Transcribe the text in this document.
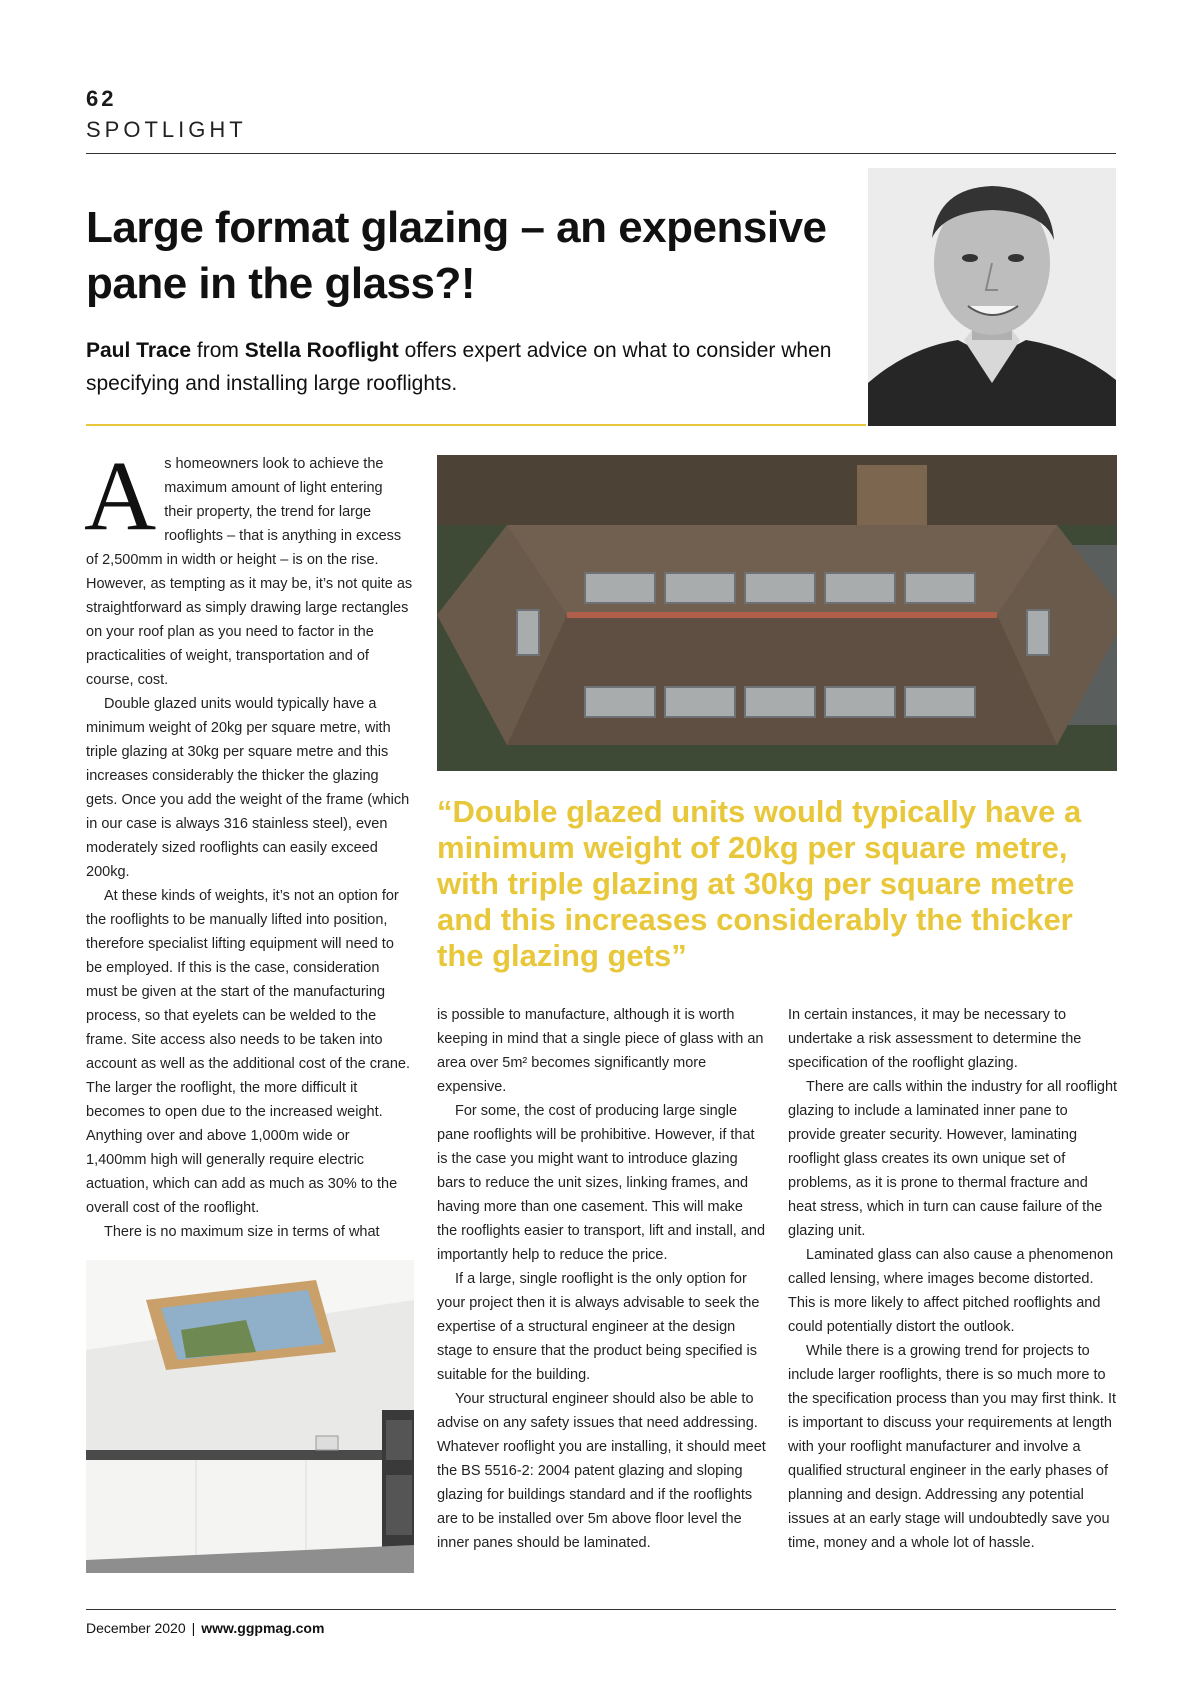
62
SPOTLIGHT
Large format glazing – an expensive pane in the glass?!

Paul Trace from Stella Rooflight offers expert advice on what to consider when specifying and installing large rooflights.

“Double glazed units would typically have a minimum weight of 20kg per square metre, with triple glazing at 30kg per square metre and this increases considerably the thicker the glazing gets”

As homeowners look to achieve the maximum amount of light entering their property, the trend for large rooflights – that is anything in excess of 2,500mm in width or height – is on the rise. However, as tempting as it may be, it’s not quite as straightforward as simply drawing large rectangles on your roof plan as you need to factor in the practicalities of weight, transportation and of course, cost.

Double glazed units would typically have a minimum weight of 20kg per square metre, with triple glazing at 30kg per square metre and this increases considerably the thicker the glazing gets. Once you add the weight of the frame (which in our case is always 316 stainless steel), even moderately sized rooflights can easily exceed 200kg.

At these kinds of weights, it’s not an option for the rooflights to be manually lifted into position, therefore specialist lifting equipment will need to be employed. If this is the case, consideration must be given at the start of the manufacturing process, so that eyelets can be welded to the frame. Site access also needs to be taken into account as well as the additional cost of the crane. The larger the rooflight, the more difficult it becomes to open due to the increased weight. Anything over and above 1,000m wide or 1,400mm high will generally require electric actuation, which can add as much as 30% to the overall cost of the rooflight.

There is no maximum size in terms of what

is possible to manufacture, although it is worth keeping in mind that a single piece of glass with an area over 5m² becomes significantly more expensive.

For some, the cost of producing large single pane rooflights will be prohibitive. However, if that is the case you might want to introduce glazing bars to reduce the unit sizes, linking frames, and having more than one casement. This will make the rooflights easier to transport, lift and install, and importantly help to reduce the price.

If a large, single rooflight is the only option for your project then it is always advisable to seek the expertise of a structural engineer at the design stage to ensure that the product being specified is suitable for the building.

Your structural engineer should also be able to advise on any safety issues that need addressing. Whatever rooflight you are installing, it should meet the BS 5516-2: 2004 patent glazing and sloping glazing for buildings standard and if the rooflights are to be installed over 5m above floor level the inner panes should be laminated.

In certain instances, it may be necessary to undertake a risk assessment to determine the specification of the rooflight glazing.

There are calls within the industry for all rooflight glazing to include a laminated inner pane to provide greater security. However, laminating rooflight glass creates its own unique set of problems, as it is prone to thermal fracture and heat stress, which in turn can cause failure of the glazing unit.

Laminated glass can also cause a phenomenon called lensing, where images become distorted. This is more likely to affect pitched rooflights and could potentially distort the outlook.

While there is a growing trend for projects to include larger rooflights, there is so much more to the specification process than you may first think. It is important to discuss your requirements at length with your rooflight manufacturer and involve a qualified structural engineer in the early phases of planning and design. Addressing any potential issues at an early stage will undoubtedly save you time, money and a whole lot of hassle.

December 2020 | www.ggpmag.com
